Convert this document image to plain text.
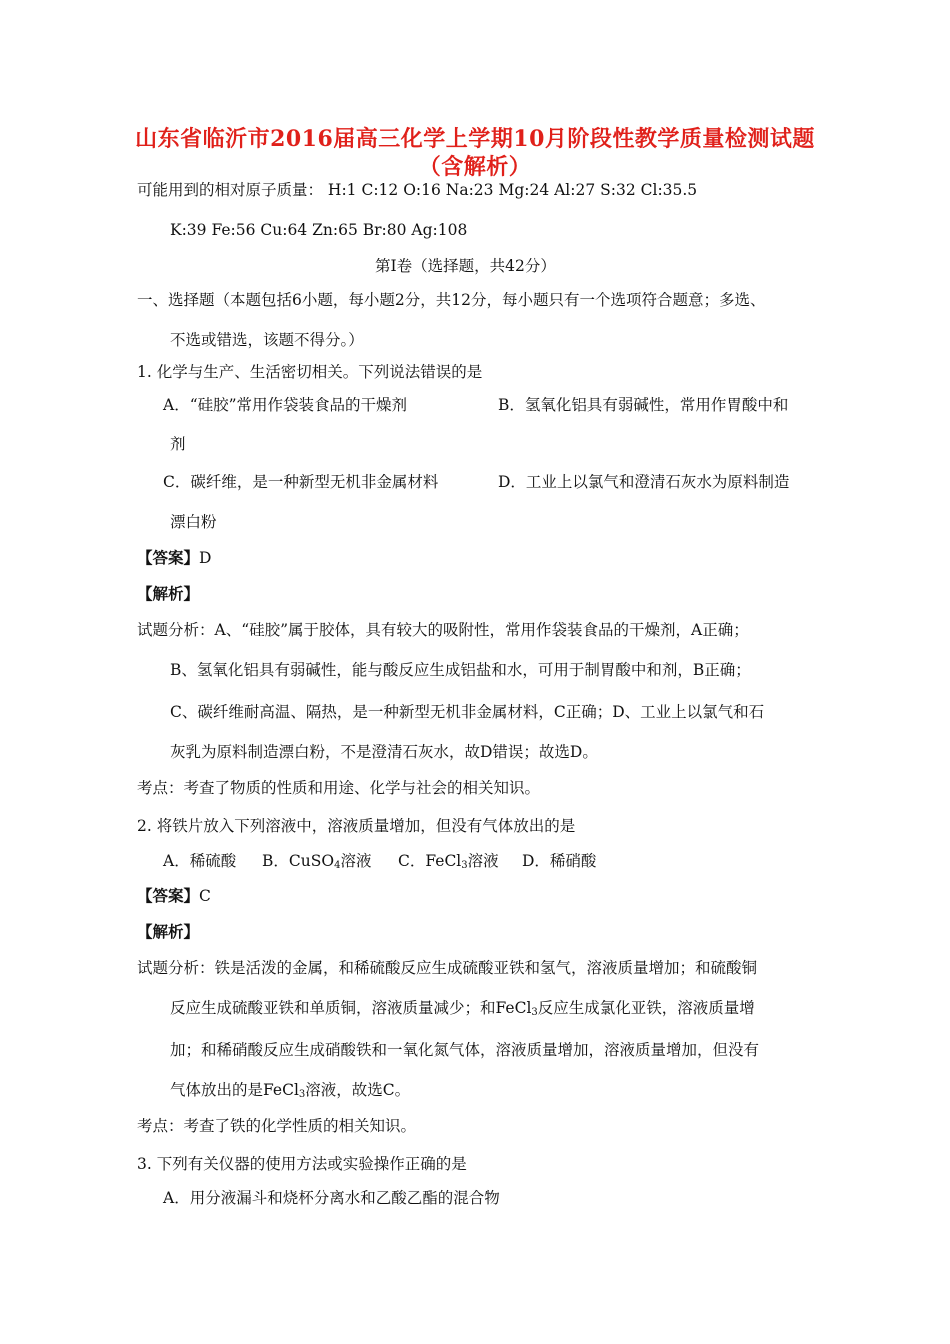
山东省临沂市2016届高三化学上学期10月阶段性教学质量检测试题
（含解析）
可能用到的相对原子质量： H:1 C:12 O:16 Na:23 Mg:24 Al:27 S:32 Cl:35.5
K:39 Fe:56 Cu:64 Zn:65 Br:80 Ag:108
第Ⅰ卷（选择题，共42分）
一、选择题（本题包括6小题，每小题2分，共12分，每小题只有一个选项符合题意；多选、
不选或错选，该题不得分。）
1. 化学与生产、生活密切相关。下列说法错误的是
A．“硅胶”常用作袋装食品的干燥剂	B．氢氧化铝具有弱碱性，常用作胃酸中和
剂
C．碳纤维，是一种新型无机非金属材料	D．工业上以氯气和澄清石灰水为原料制造
漂白粉
【答案】D
【解析】
试题分析：A、“硅胶”属于胶体，具有较大的吸附性，常用作袋装食品的干燥剂，A正确；
B、氢氧化铝具有弱碱性，能与酸反应生成铝盐和水，可用于制胃酸中和剂，B正确；
C、碳纤维耐高温、隔热，是一种新型无机非金属材料，C正确；D、工业上以氯气和石
灰乳为原料制造漂白粉，不是澄清石灰水，故D错误；故选D。
考点：考查了物质的性质和用途、化学与社会的相关知识。
2. 将铁片放入下列溶液中，溶液质量增加，但没有气体放出的是
A．稀硫酸 B．CuSO$_4$溶液 C．FeCl$_3$溶液 D．稀硝酸
【答案】C
【解析】
试题分析：铁是活泼的金属，和稀硫酸反应生成硫酸亚铁和氢气，溶液质量增加；和硫酸铜
反应生成硫酸亚铁和单质铜，溶液质量减少；和FeCl$_3$反应生成氯化亚铁，溶液质量增
加；和稀硝酸反应生成硝酸铁和一氧化氮气体，溶液质量增加，溶液质量增加，但没有
气体放出的是FeCl$_3$溶液，故选C。
考点：考查了铁的化学性质的相关知识。
3. 下列有关仪器的使用方法或实验操作正确的是
A．用分液漏斗和烧杯分离水和乙酸乙酯的混合物
